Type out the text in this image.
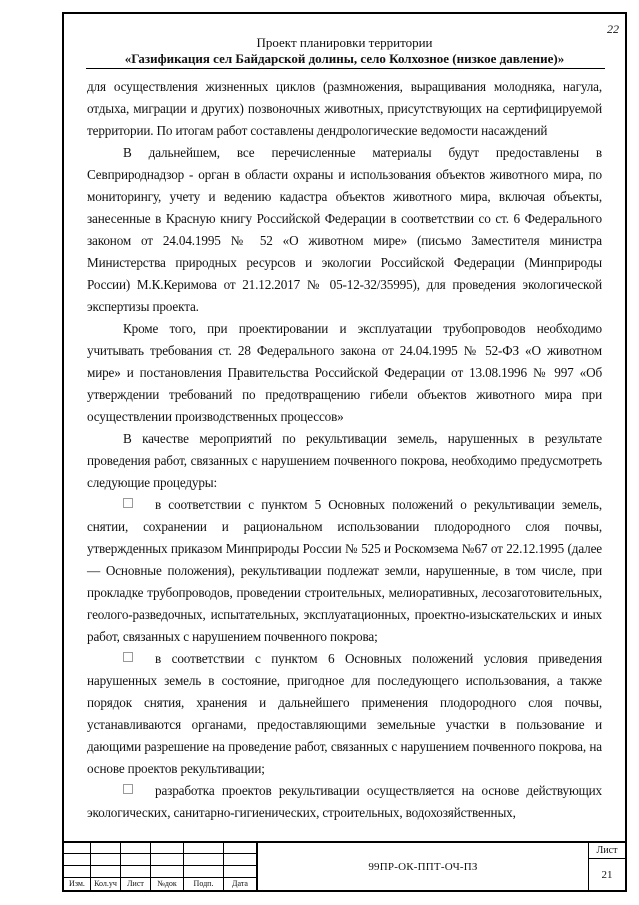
22
Проект планировки территории
«Газификация сел Байдарской долины, село Колхозное (низкое давление)»

для осуществления жизненных циклов (размножения, выращивания молодняка, нагула, отдыха, миграции и других) позвоночных животных, присутствующих на сертифицируемой территории. По итогам работ составлены дендрологические ведомости насаждений

В дальнейшем, все перечисленные материалы будут предоставлены в Севприроднадзор - орган в области охраны и использования объектов животного мира, по мониторингу, учету и ведению кадастра объектов животного мира, включая объекты, занесенные в Красную книгу Российской Федерации в соответствии со ст. 6 Федерального законом от 24.04.1995 № 52 «О животном мире» (письмо Заместителя министра Министерства природных ресурсов и экологии Российской Федерации (Минприроды России) М.К.Керимова от 21.12.2017 № 05-12-32/35995), для проведения экологической экспертизы проекта.

Кроме того, при проектировании и эксплуатации трубопроводов необходимо учитывать требования ст. 28 Федерального закона от 24.04.1995 № 52-ФЗ «О животном мире» и постановления Правительства Российской Федерации от 13.08.1996 № 997 «Об утверждении требований по предотвращению гибели объектов животного мира при осуществлении производственных процессов»

В качестве мероприятий по рекультивации земель, нарушенных в результате проведения работ, связанных с нарушением почвенного покрова, необходимо предусмотреть следующие процедуры:

в соответствии с пунктом 5 Основных положений о рекультивации земель, снятии, сохранении и рациональном использовании плодородного слоя почвы, утвержденных приказом Минприроды России № 525 и Роскомзема №67 от 22.12.1995 (далее — Основные положения), рекультивации подлежат земли, нарушенные, в том числе, при прокладке трубопроводов, проведении строительных, мелиоративных, лесозаготовительных, геолого-разведочных, испытательных, эксплуатационных, проектно-изыскательских и иных работ, связанных с нарушением почвенного покрова;

в соответствии с пунктом 6 Основных положений условия приведения нарушенных земель в состояние, пригодное для последующего использования, а также порядок снятия, хранения и дальнейшего применения плодородного слоя почвы, устанавливаются органами, предоставляющими земельные участки в пользование и дающими разрешение на проведение работ, связанных с нарушением почвенного покрова, на основе проектов рекультивации;

разработка проектов рекультивации осуществляется на основе действующих экологических, санитарно-гигиенических, строительных, водохозяйственных,

Изм.	Кол.уч	Лист	№док	Подп.	Дата
99ПР-ОК-ППТ-ОЧ-ПЗ
Лист
21
